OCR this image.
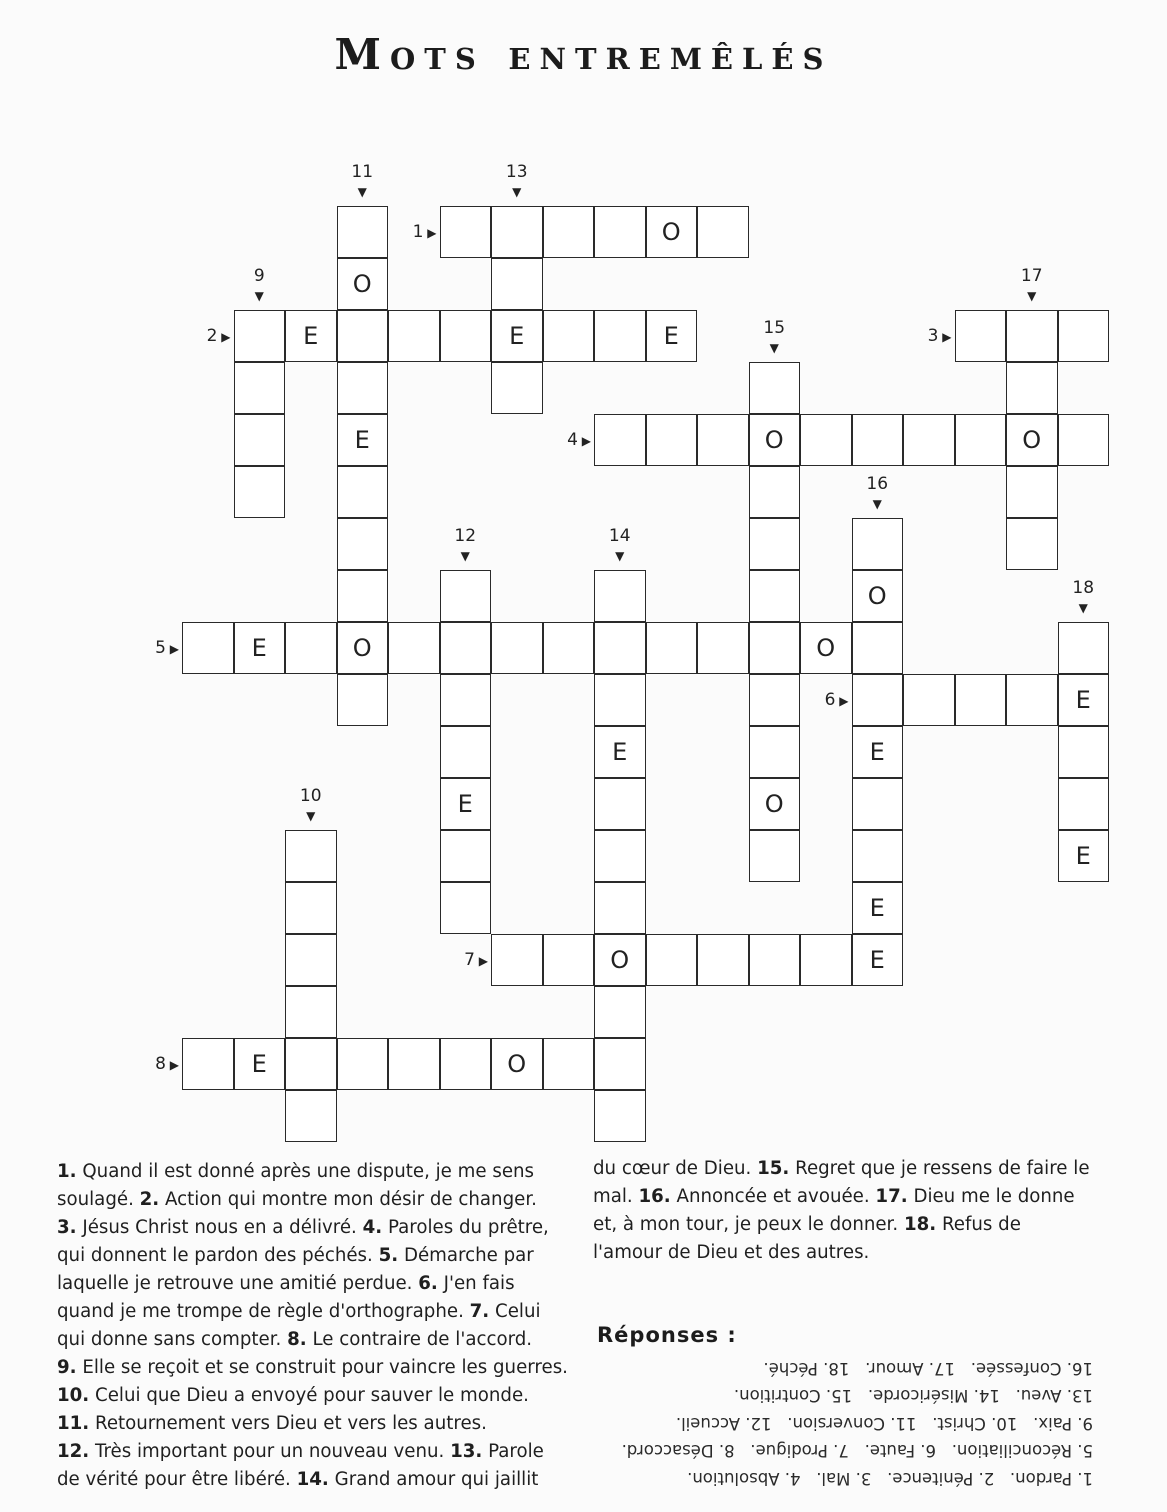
Mots entremêlés
O
1 ▶
E	E	E
2 ▶	3 ▶
O	O
4 ▶
E	O	O
5 ▶
E
6 ▶
O	E
7 ▶
E	O
8 ▶
9
▼
10
▼
O
E
11
▼
E
12
▼
13
▼
E
14
▼
O
15
▼
O
E
E
16
▼
17
▼
E
18
▼
1. Quand il est donné après une dispute, je me sens
soulagé. 2. Action qui montre mon désir de changer.
3. Jésus Christ nous en a délivré. 4. Paroles du prêtre,
qui donnent le pardon des péchés. 5. Démarche par
laquelle je retrouve une amitié perdue. 6. J'en fais
quand je me trompe de règle d'orthographe. 7. Celui
qui donne sans compter. 8. Le contraire de l'accord.
9. Elle se reçoit et se construit pour vaincre les guerres.
10. Celui que Dieu a envoyé pour sauver le monde.
11. Retournement vers Dieu et vers les autres.
12. Très important pour un nouveau venu. 13. Parole
de vérité pour être libéré. 14. Grand amour qui jaillit
du cœur de Dieu. 15. Regret que je ressens de faire le
mal. 16. Annoncée et avouée. 17. Dieu me le donne
et, à mon tour, je peux le donner. 18. Refus de
l'amour de Dieu et des autres.
Réponses :
1. Pardon.   2. Pénitence.   3. Mal.   4. Absolution.
5. Réconciliation.   6. Faute.   7. Prodigue.   8. Désaccord.
9. Paix.   10. Christ.   11. Conversion.   12. Accueil.
13. Aveu.   14. Miséricorde.   15. Contrition.
16. Confessée.   17. Amour.   18. Péché.
